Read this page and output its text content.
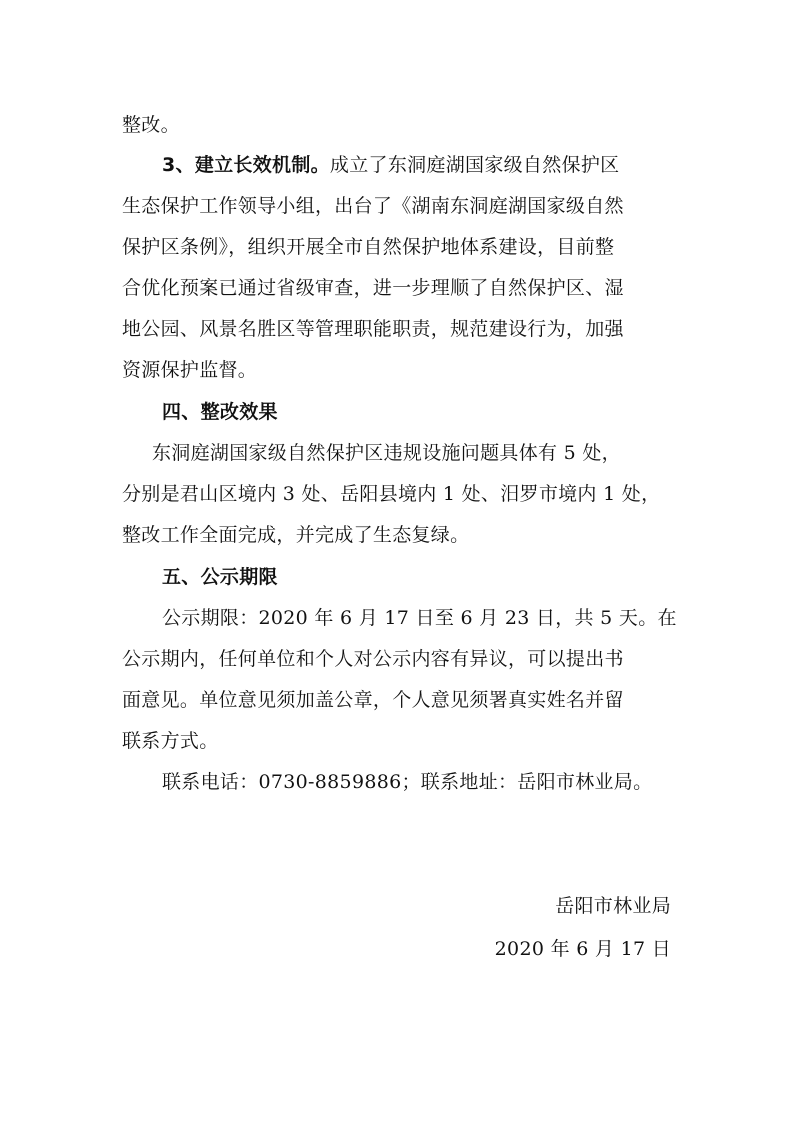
整改。
3、建立长效机制。成立了东洞庭湖国家级自然保护区
生态保护工作领导小组，出台了《湖南东洞庭湖国家级自然
保护区条例》，组织开展全市自然保护地体系建设，目前整
合优化预案已通过省级审查，进一步理顺了自然保护区、湿
地公园、风景名胜区等管理职能职责，规范建设行为，加强
资源保护监督。
四、整改效果
东洞庭湖国家级自然保护区违规设施问题具体有 5 处，
分别是君山区境内 3 处、岳阳县境内 1 处、汨罗市境内 1 处，
整改工作全面完成，并完成了生态复绿。
五、公示期限
公示期限：2020 年 6 月 17 日至 6 月 23 日，共 5 天。在
公示期内，任何单位和个人对公示内容有异议，可以提出书
面意见。单位意见须加盖公章，个人意见须署真实姓名并留
联系方式。
联系电话：0730-8859886；联系地址：岳阳市林业局。
岳阳市林业局
2020 年 6 月 17 日
